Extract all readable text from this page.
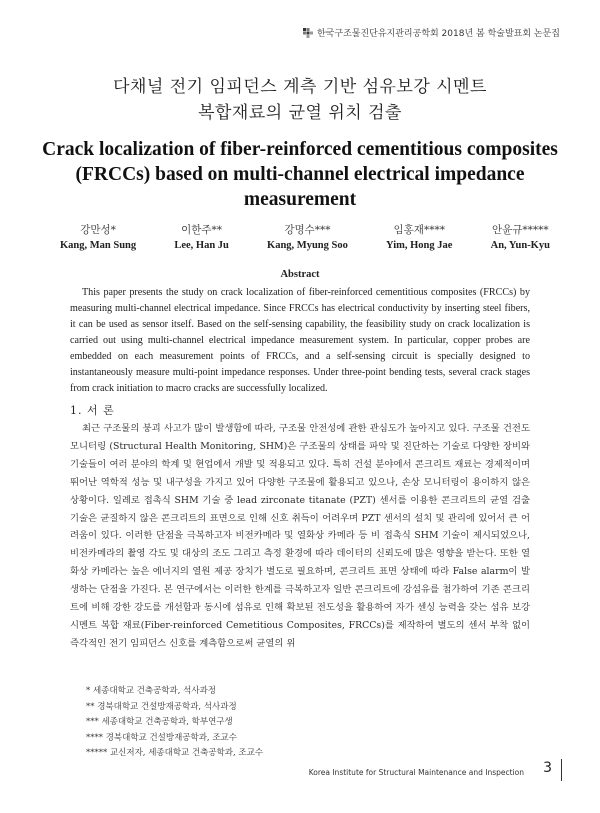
한국구조물진단유지관리공학회 2018년 봄 학술발표회 논문집
다채널 전기 임피던스 계측 기반 섬유보강 시멘트
복합재료의 균열 위치 검출
Crack localization of fiber-reinforced cementitious composites
(FRCCs) based on multi-channel electrical impedance
measurement
강만성*
Kang, Man Sung
이한주**
Lee, Han Ju
강명수***
Kang, Myung Soo
임홍재****
Yim, Hong Jae
안윤규*****
An, Yun-Kyu
Abstract
This paper presents the study on crack localization of fiber-reinforced cementitious composites (FRCCs) by measuring multi-channel electrical impedance. Since FRCCs has electrical conductivity by inserting steel fibers, it can be used as sensor itself. Based on the self-sensing capability, the feasibility study on crack localization is carried out using multi-channel electrical impedance measurement system. In particular, copper probes are embedded on each measurement points of FRCCs, and a self-sensing circuit is specially designed to instantaneously measure multi-point impedance responses. Under three-point bending tests, several crack stages from crack initiation to macro cracks are successfully localized.
1. 서 론
최근 구조물의 붕괴 사고가 많이 발생함에 따라, 구조물 안전성에 관한 관심도가 높아지고 있다. 구조물 건전도 모니터링 (Structural Health Monitoring, SHM)은 구조물의 상태를 파악 및 진단하는 기술로 다양한 장비와 기술들이 여러 분야의 학계 및 현업에서 개발 및 적용되고 있다. 특히 건설 분야에서 콘크리트 재료는 경제적이며 뛰어난 역학적 성능 및 내구성을 가지고 있어 다양한 구조물에 활용되고 있으나, 손상 모니터링이 용이하지 않은 상황이다. 일례로 접촉식 SHM 기술 중 lead zirconate titanate (PZT) 센서를 이용한 콘크리트의 균열 검출 기술은 균질하지 않은 콘크리트의 표면으로 인해 신호 취득이 어려우며 PZT 센서의 설치 및 관리에 있어서 큰 어려움이 있다. 이러한 단점을 극복하고자 비전카메라 및 열화상 카메라 등 비 접촉식 SHM 기술이 제시되었으나, 비전카메라의 촬영 각도 및 대상의 조도 그리고 측정 환경에 따라 데이터의 신뢰도에 많은 영향을 받는다. 또한 열화상 카메라는 높은 에너지의 열원 제공 장치가 별도로 필요하며, 콘크리트 표면 상태에 따라 False alarm이 발생하는 단점을 가진다. 본 연구에서는 이러한 한계를 극복하고자 일반 콘크리트에 강섬유를 첨가하여 기존 콘크리트에 비해 강한 강도를 개선함과 동시에 섬유로 인해 확보된 전도성을 활용하여 자가 센싱 능력을 갖는 섬유 보강 시멘트 복합 재료(Fiber-reinforced Cemetitious Composites, FRCCs)를 제작하여 별도의 센서 부착 없이 즉각적인 전기 임피던스 신호를 계측함으로써 균열의 위
* 세종대학교 건축공학과, 석사과정
** 경북대학교 건설방재공학과, 석사과정
*** 세종대학교 건축공학과, 학부연구생
**** 경북대학교 건설방재공학과, 조교수
***** 교신저자, 세종대학교 건축공학과, 조교수
Korea Institute for Structural Maintenance and Inspection 3
